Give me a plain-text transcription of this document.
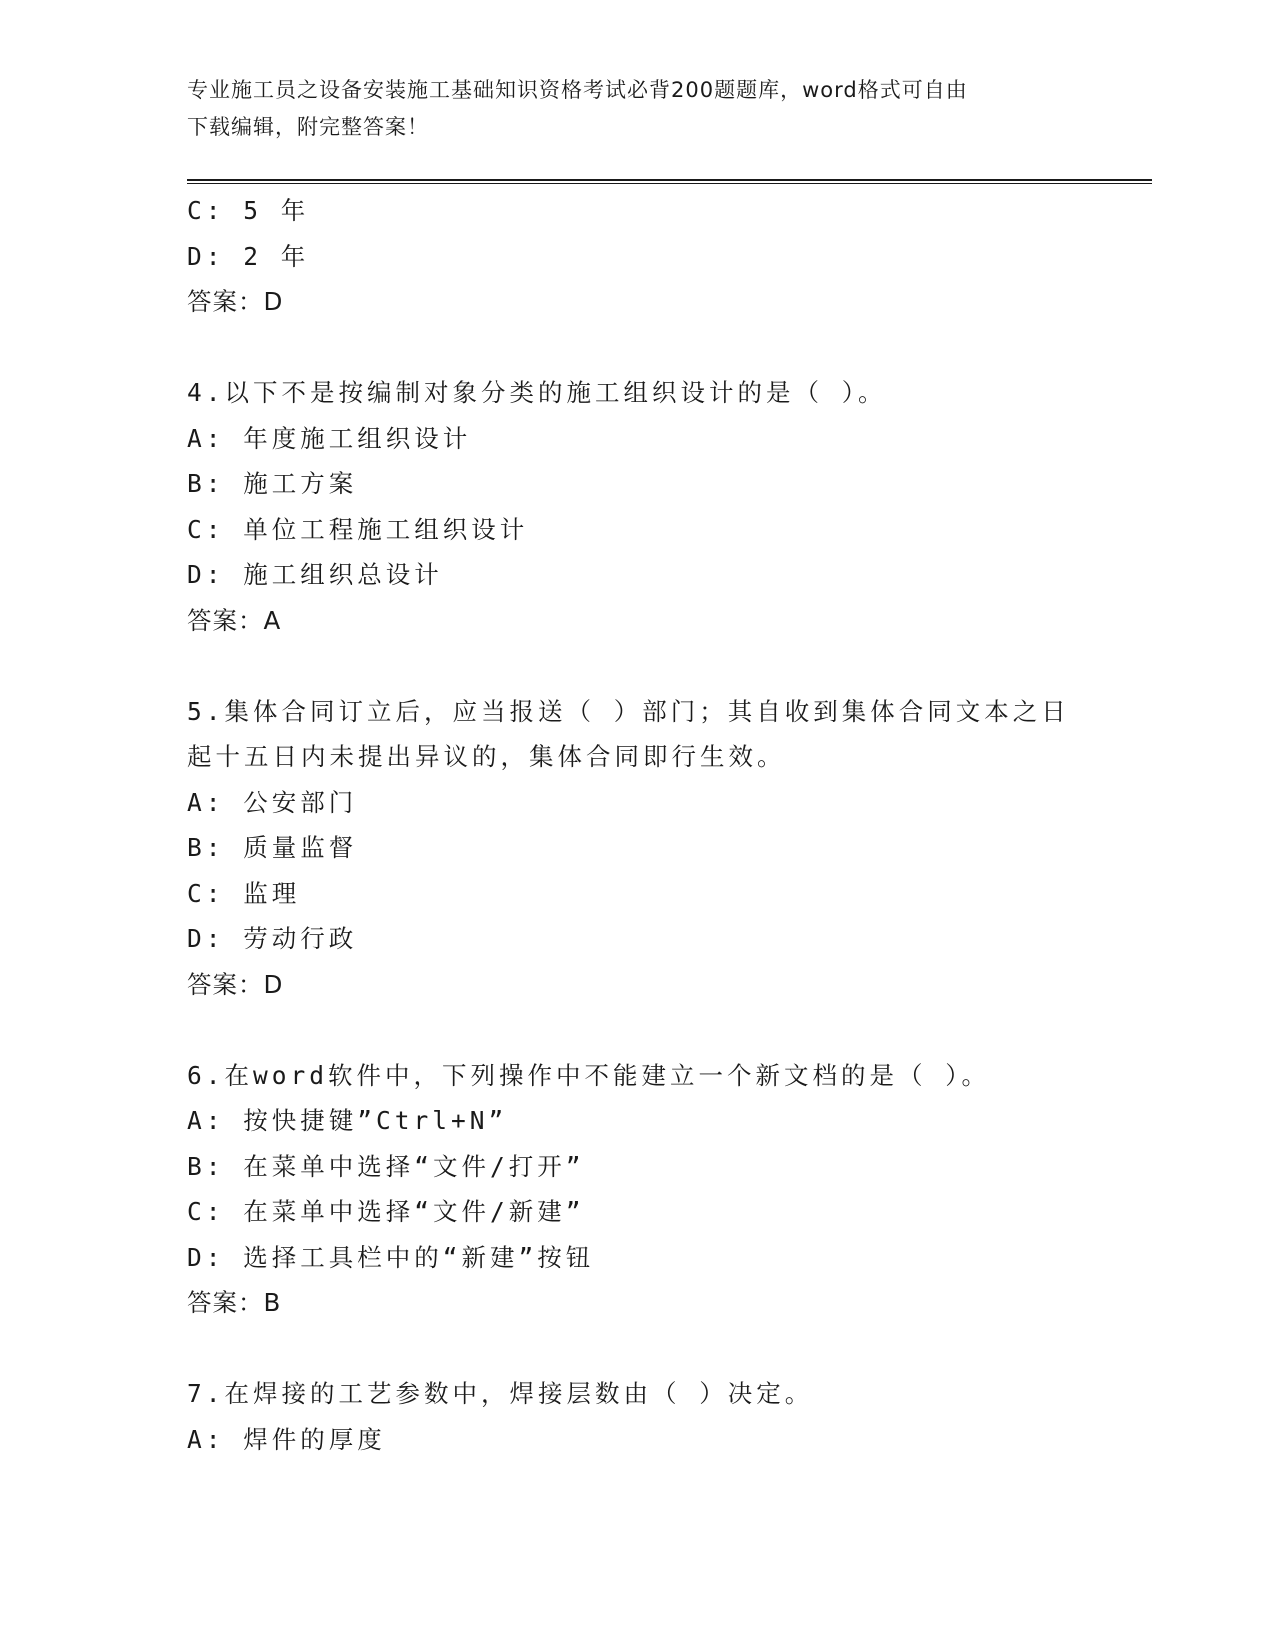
专业施工员之设备安装施工基础知识资格考试必背200题题库，word格式可自由
下载编辑，附完整答案！
C: 5 年
D: 2 年
答案：D
4.以下不是按编制对象分类的施工组织设计的是（ ）。
A: 年度施工组织设计
B: 施工方案
C: 单位工程施工组织设计
D: 施工组织总设计
答案：A
5.集体合同订立后，应当报送（ ）部门；其自收到集体合同文本之日
起十五日内未提出异议的，集体合同即行生效。
A: 公安部门
B: 质量监督
C: 监理
D: 劳动行政
答案：D
6.在word软件中，下列操作中不能建立一个新文档的是（ ）。
A: 按快捷键”Ctrl+N”
B: 在菜单中选择“文件/打开”
C: 在菜单中选择“文件/新建”
D: 选择工具栏中的“新建”按钮
答案：B
7.在焊接的工艺参数中，焊接层数由（ ）决定。
A: 焊件的厚度
